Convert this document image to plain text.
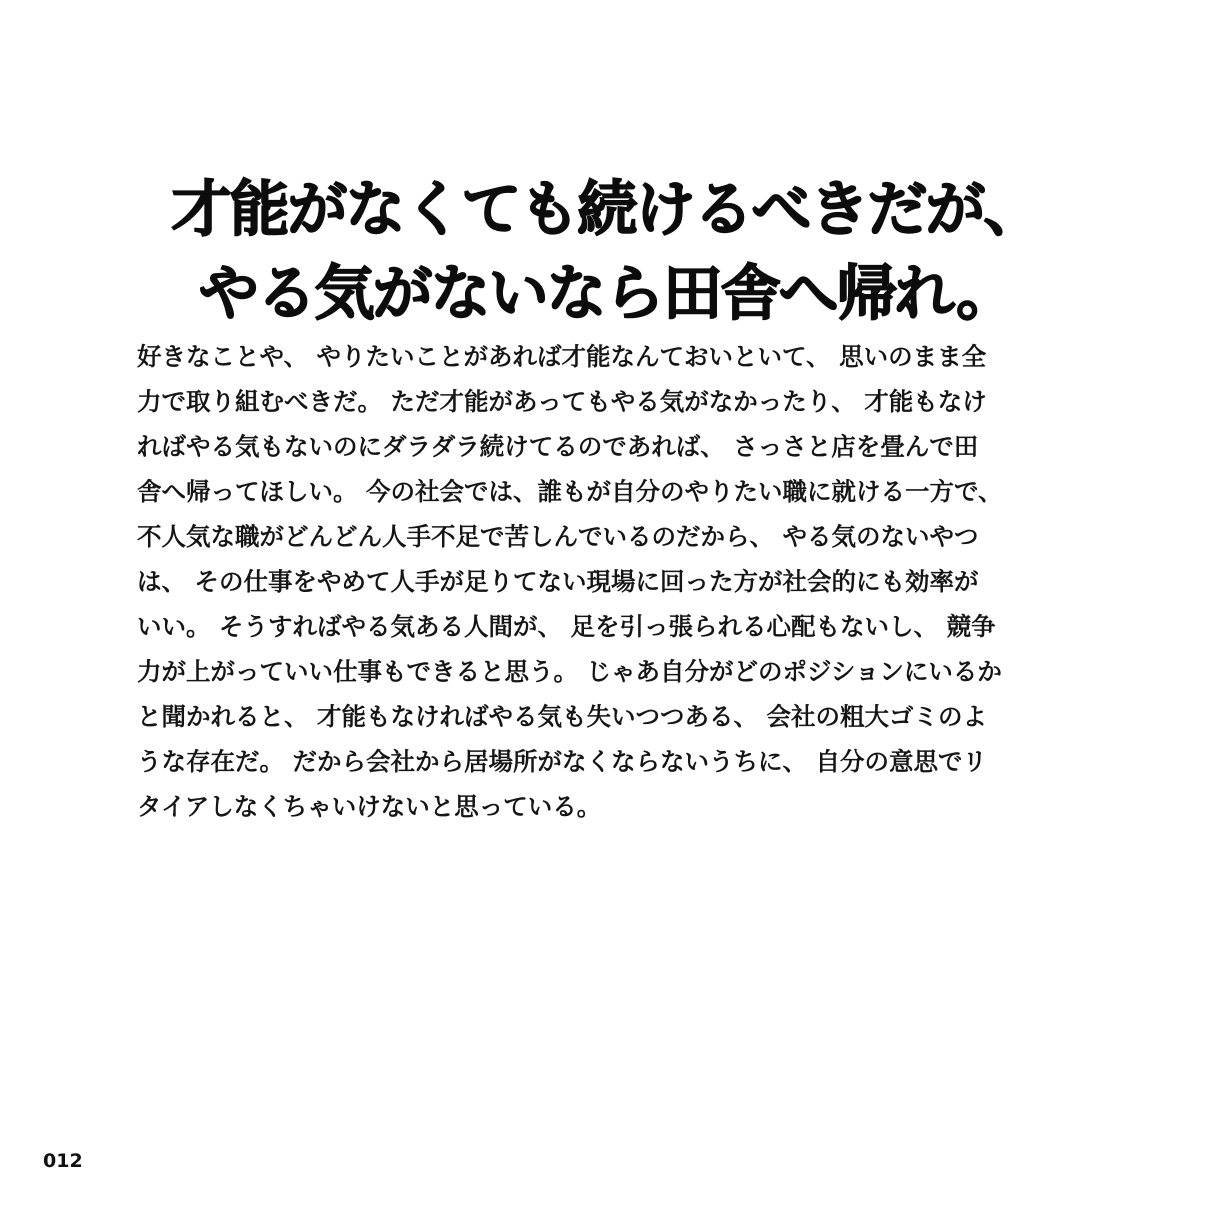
才能がなくても続けるべきだが、
やる気がないなら田舎へ帰れ。
好きなことや、 やりたいことがあれば才能なんておいといて、 思いのまま全
力で取り組むべきだ。 ただ才能があってもやる気がなかったり、 才能もなけ
ればやる気もないのにダラダラ続けてるのであれば、 さっさと店を畳んで田
舎へ帰ってほしい。 今の社会では、誰もが自分のやりたい職に就ける一方で、
不人気な職がどんどん人手不足で苦しんでいるのだから、 やる気のないやつ
は、 その仕事をやめて人手が足りてない現場に回った方が社会的にも効率が
いい。 そうすればやる気ある人間が、 足を引っ張られる心配もないし、 競争
力が上がっていい仕事もできると思う。 じゃあ自分がどのポジションにいるか
と聞かれると、 才能もなければやる気も失いつつある、 会社の粗大ゴミのよ
うな存在だ。 だから会社から居場所がなくならないうちに、 自分の意思でリ
タイアしなくちゃいけないと思っている。
012
